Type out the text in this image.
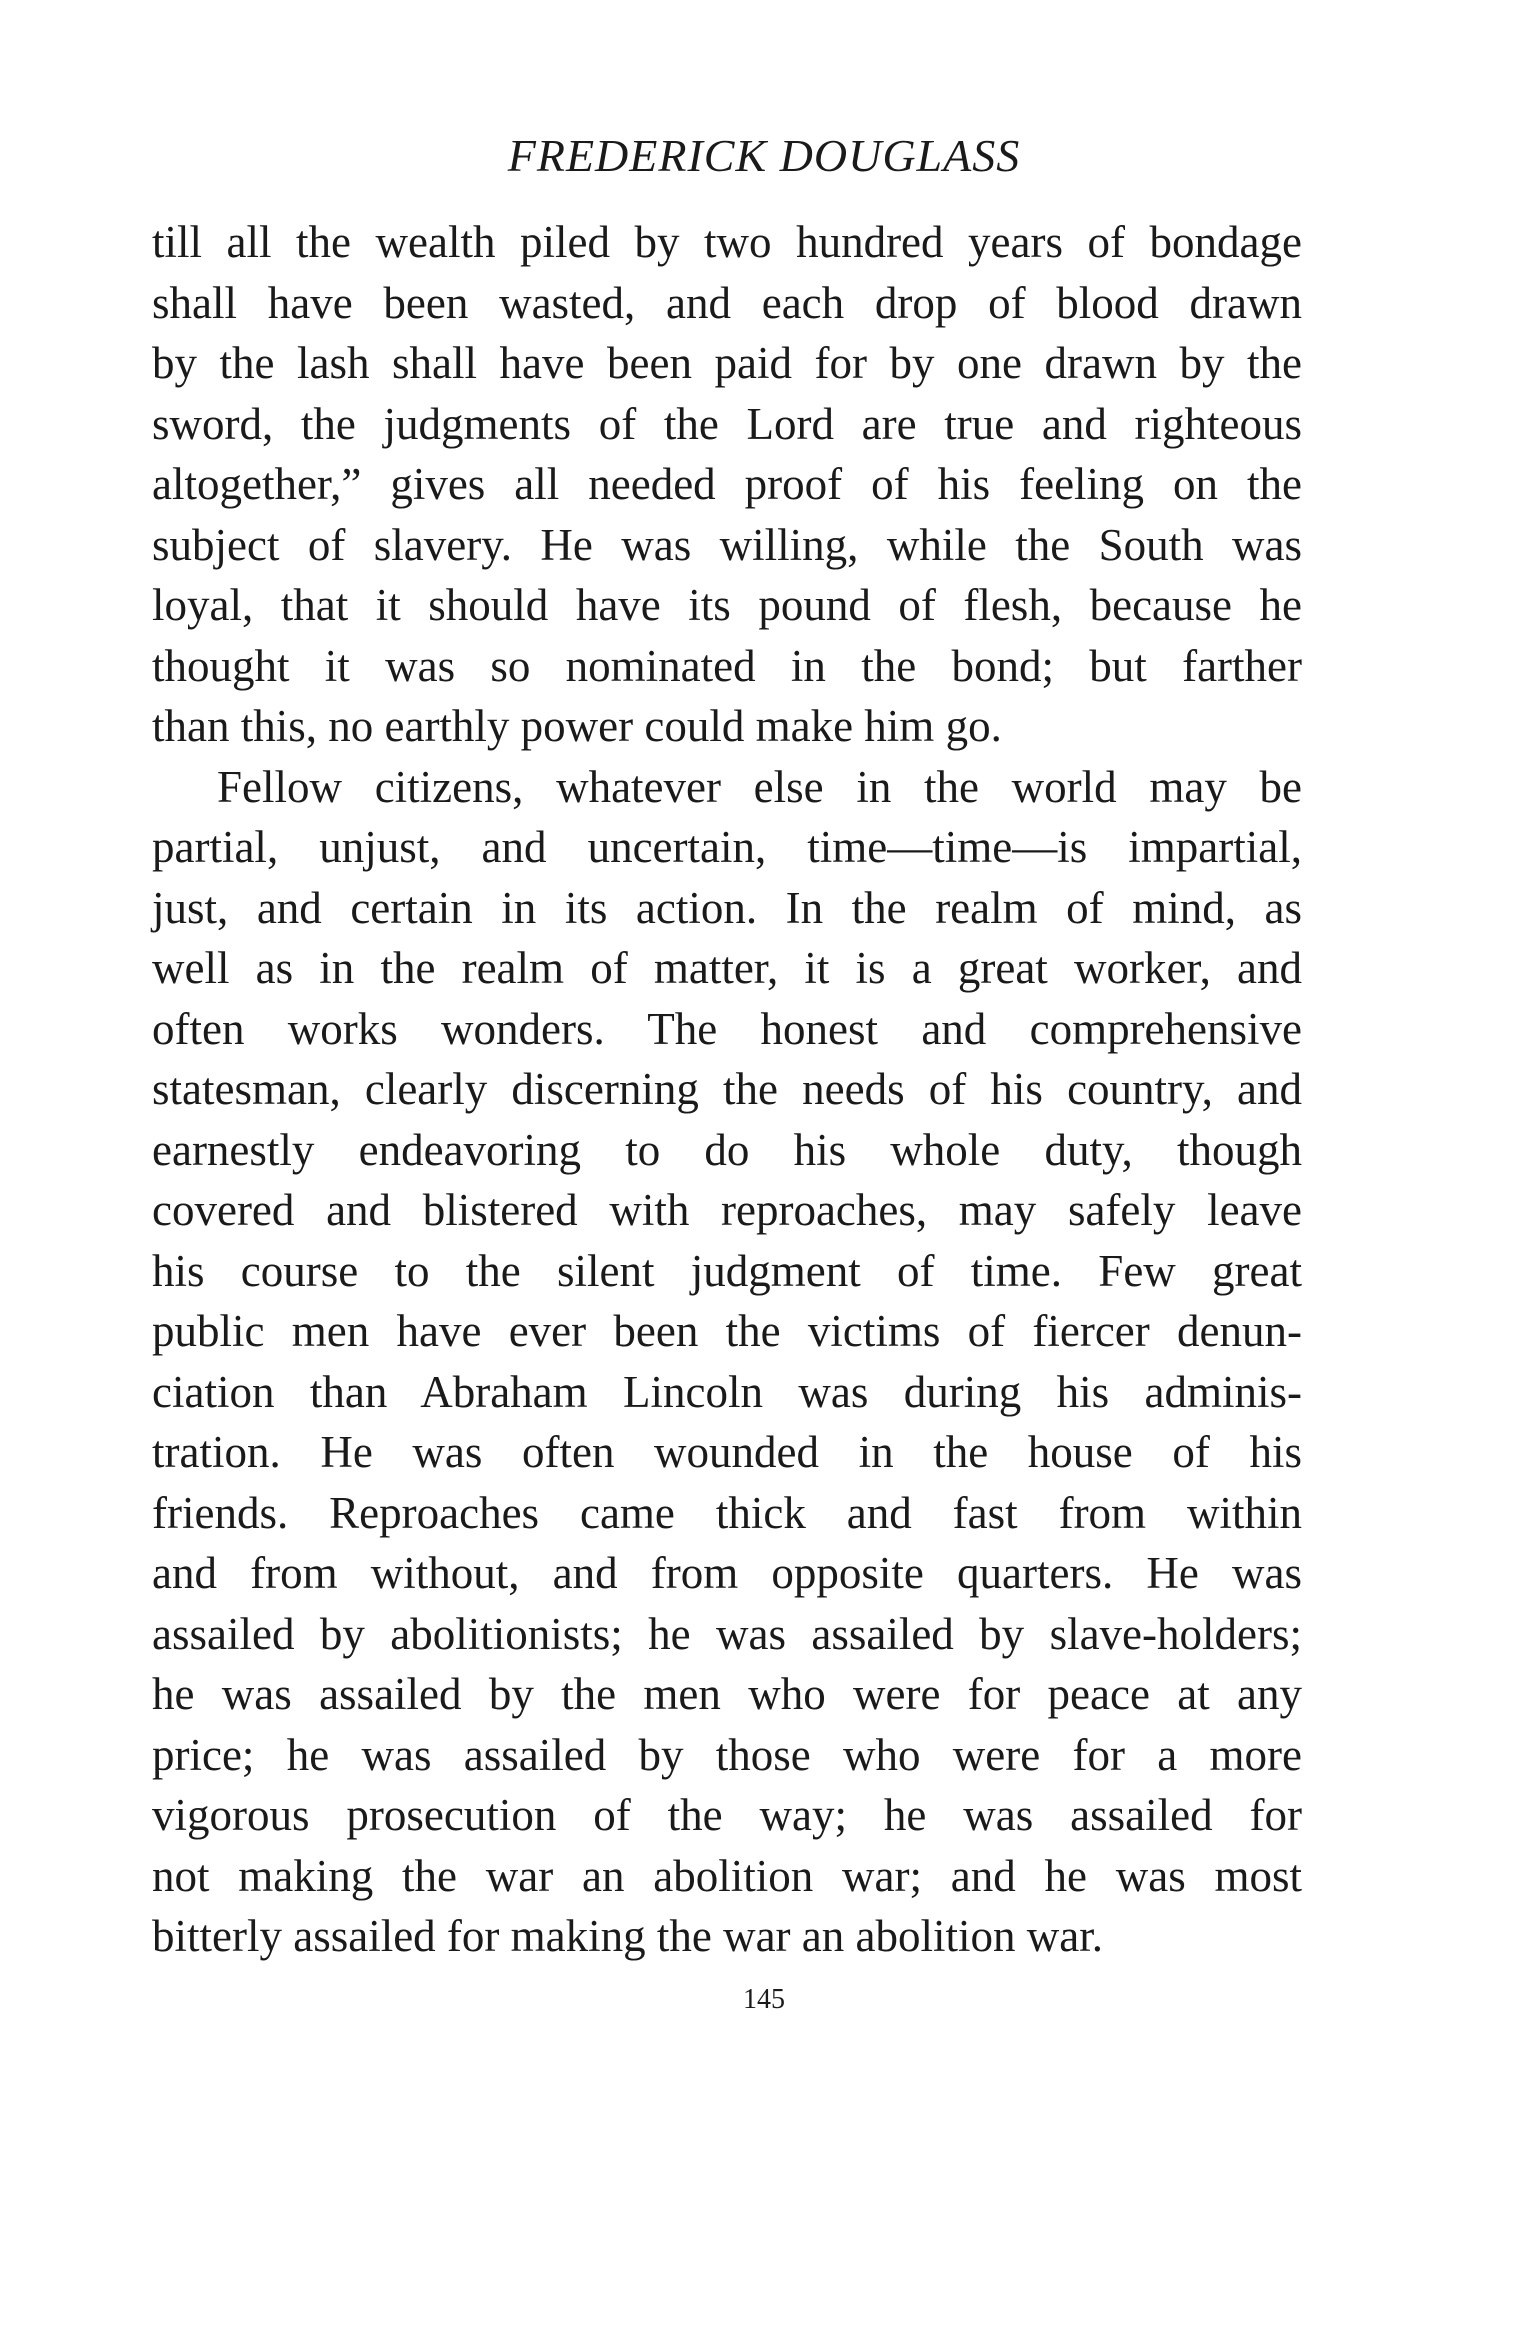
FREDERICK DOUGLASS
till all the wealth piled by two hundred years of bondage
shall have been wasted, and each drop of blood drawn
by the lash shall have been paid for by one drawn by the
sword, the judgments of the Lord are true and righteous
altogether,” gives all needed proof of his feeling on the
subject of slavery. He was willing, while the South was
loyal, that it should have its pound of flesh, because he
thought it was so nominated in the bond; but farther
than this, no earthly power could make him go.
Fellow citizens, whatever else in the world may be
partial, unjust, and uncertain, time—time—is impartial,
just, and certain in its action. In the realm of mind, as
well as in the realm of matter, it is a great worker, and
often works wonders. The honest and comprehensive
statesman, clearly discerning the needs of his country, and
earnestly endeavoring to do his whole duty, though
covered and blistered with reproaches, may safely leave
his course to the silent judgment of time. Few great
public men have ever been the victims of fiercer denun-
ciation than Abraham Lincoln was during his adminis-
tration. He was often wounded in the house of his
friends. Reproaches came thick and fast from within
and from without, and from opposite quarters. He was
assailed by abolitionists; he was assailed by slave-holders;
he was assailed by the men who were for peace at any
price; he was assailed by those who were for a more
vigorous prosecution of the way; he was assailed for
not making the war an abolition war; and he was most
bitterly assailed for making the war an abolition war.
145
